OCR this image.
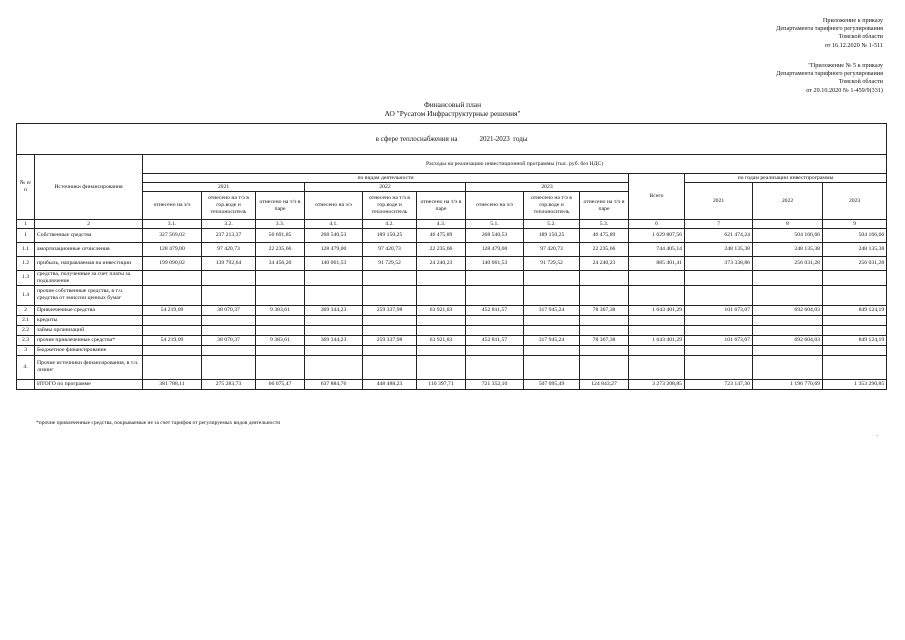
Приложение к приказу
Департамента тарифного регулирования
Томской области
от 16.12.2020 № 1-511
"Приложение № 5 к приказу
Департамента тарифного регулирования
Томской области
от 29.10.2020 № 1-459/9(331)
Финансовый план
АО "Русатом Инфраструктурные решения"
в сфере теплоснабжения на 2021-2023 годы														
№ п/п	Источники финансирования	Расходы на реализацию инвестиционной программы (тыс. руб. без НДС)												
		по видам деятельности									Всего	по годам реализации инвестпрограммы		
		2021			2022			2023				2021	2022	2023
		отнесено на э/э	отнесено на т/э в гор.воде и теплоноситель	отнесено на т/э в паре	отнесено на э/э	отнесено на т/э в гор.воде и теплоноситель	отнесено на т/э в паре	отнесено на э/э	отнесено на т/э в гор.воде и теплоноситель	отнесено на т/э в паре				
1	2	3.1.	3.2.	3.3.	4.1.	4.2.	4.3.	5.1.	5.2.	5.3.	6	7	8	9
1	Собственные средства	327 569,02	237 213,37	56 691,85	268 540,53	189 150,25	46 475,89	268 540,53	189 150,25	46 475,89	1 629 807,56	621 474,24	504 166,66	504 166,66
1.1	амортизационные отчисления	128 479,00	97 420,73	22 235,66	128 479,00	97 420,73	22 235,66	128 479,00	97 420,73	22 235,66	744 405,14	248 135,38	248 135,38	248 135,38
1.2	прибыль, направляемая на инвестиции	199 090,02	139 792,64	34 456,20	140 061,53	91 729,52	24 240,23	140 061,53	91 729,52	24 240,23	885 401,41	373 338,86	256 031,28	256 031,28
1.3	средства, полученные за счет платы за подключение													
1.4	прочие собственные средства, в т.ч. средства от эмиссии ценных бумаг													
2	Привлеченные средства	54 219,09	38 070,37	9 383,61	369 344,23	259 337,98	63 921,83	452 811,57	317 945,24	78 367,38	1 643 401,29	101 673,07	692 604,03	849 124,19
2.1	кредиты													
2.2	займы организаций													
2.3	прочие привлеченные средства*	54 219,09	38 070,37	9 383,61	369 344,23	259 337,98	63 921,83	452 811,57	317 945,24	78 367,38	1 643 401,29	101 673,07	692 604,03	849 124,19
3	Бюджетное финансирование													
4.	Прочие источники финансирования, в т.ч. лизинг													
	ИТОГО по программе	381 788,11	275 283,73	66 075,47	637 884,76	448 488,23	110 397,71	721 352,10	507 095,49	124 843,27	3 273 208,85	723 147,30	1 196 770,69	1 353 290,85
*прочие привлеченные средства, покрываемые не за счет тарифов от регулируемых видов деятельности
.
